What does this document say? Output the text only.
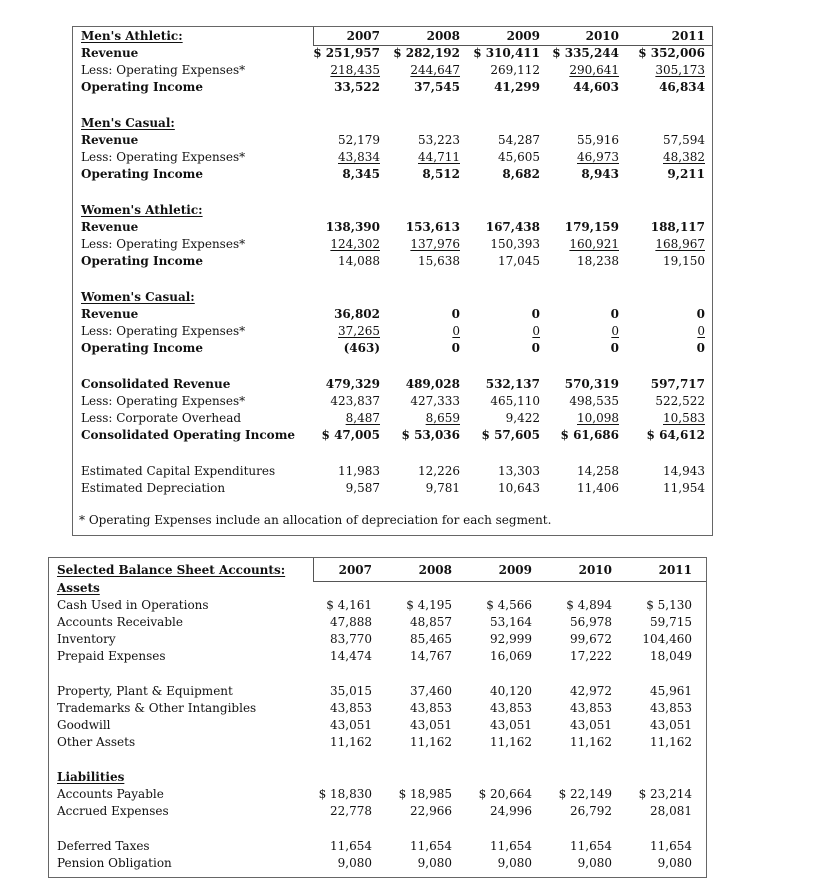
2007	2008	2009	2010	2011
Men's Athletic:
Revenue	$ 251,957	$ 282,192	$ 310,411	$ 335,244	$ 352,006
Less: Operating Expenses*	218,435	244,647	269,112	290,641	305,173
Operating Income	33,522	37,545	41,299	44,603	46,834
Men's Casual:
Revenue	52,179	53,223	54,287	55,916	57,594
Less: Operating Expenses*	43,834	44,711	45,605	46,973	48,382
Operating Income	8,345	8,512	8,682	8,943	9,211
Women's Athletic:
Revenue	138,390	153,613	167,438	179,159	188,117
Less: Operating Expenses*	124,302	137,976	150,393	160,921	168,967
Operating Income	14,088	15,638	17,045	18,238	19,150
Women's Casual:
Revenue	36,802	0	0	0	0
Less: Operating Expenses*	37,265	0	0	0	0
Operating Income	(463)	0	0	0	0
Consolidated Revenue	479,329	489,028	532,137	570,319	597,717
Less: Operating Expenses*	423,837	427,333	465,110	498,535	522,522
Less: Corporate Overhead	8,487	8,659	9,422	10,098	10,583
Consolidated Operating Income	$ 47,005	$ 53,036	$ 57,605	$ 61,686	$ 64,612
Estimated Capital Expenditures	11,983	12,226	13,303	14,258	14,943
Estimated Depreciation	9,587	9,781	10,643	11,406	11,954
* Operating Expenses include an allocation of depreciation for each segment.
Selected Balance Sheet Accounts:	2007	2008	2009	2010	2011
Assets
Cash Used in Operations	$ 4,161	$ 4,195	$ 4,566	$ 4,894	$ 5,130
Accounts Receivable	47,888	48,857	53,164	56,978	59,715
Inventory	83,770	85,465	92,999	99,672	104,460
Prepaid Expenses	14,474	14,767	16,069	17,222	18,049
Property, Plant & Equipment	35,015	37,460	40,120	42,972	45,961
Trademarks & Other Intangibles	43,853	43,853	43,853	43,853	43,853
Goodwill	43,051	43,051	43,051	43,051	43,051
Other Assets	11,162	11,162	11,162	11,162	11,162
Liabilities
Accounts Payable	$ 18,830	$ 18,985	$ 20,664	$ 22,149	$ 23,214
Accrued Expenses	22,778	22,966	24,996	26,792	28,081
Deferred Taxes	11,654	11,654	11,654	11,654	11,654
Pension Obligation	9,080	9,080	9,080	9,080	9,080
